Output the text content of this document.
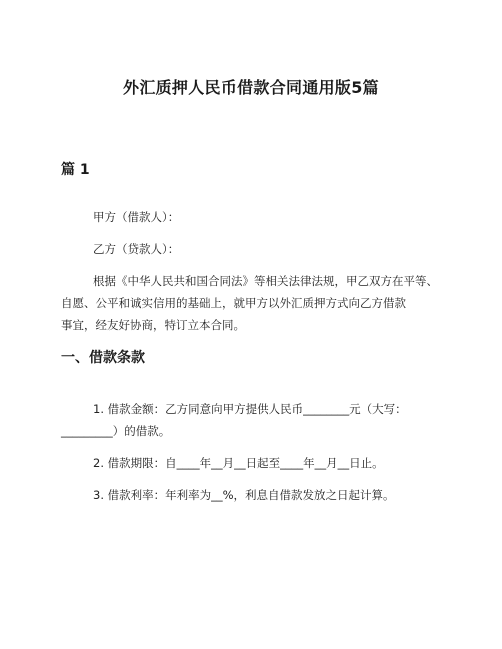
外汇质押人民币借款合同通用版5篇
篇 1

甲方（借款人）：

乙方（贷款人）：

根据《中华人民共和国合同法》等相关法律法规，甲乙双方在平等、

自愿、公平和诚实信用的基础上，就甲方以外汇质押方式向乙方借款

事宜，经友好协商，特订立本合同。

一、借款条款

1. 借款金额：乙方同意向甲方提供人民币________元（大写：

_________）的借款。

2. 借款期限：自____年__月__日起至____年__月__日止。

3. 借款利率：年利率为__%，利息自借款发放之日起计算。
